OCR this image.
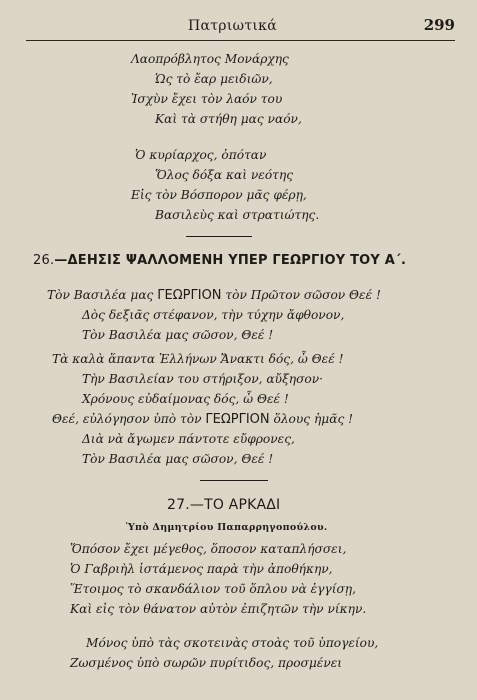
Πατριωτικά	299
Λαοπρόβλητος Μονάρχης
Ὡς τὸ ἔαρ μειδιῶν,
Ἰσχὺν ἔχει τὸν λαόν του
Καὶ τὰ στήθη μας ναόν,
Ὁ κυρίαρχος, ὁπόταν
Ὅλος δόξα καὶ νεότης
Εἰς τὸν Βόσπορον μᾶς φέρῃ,
Βασιλεὺς καὶ στρατιώτης.
26.—ΔΕΗΣΙΣ ΨΑΛΛΟΜΕΝΗ ΥΠΕΡ ΓΕΩΡΓΙΟΥ ΤΟΥ Α΄.
Τὸν Βασιλέα μας ΓΕΩΡΓΙΟΝ τὸν Πρῶτον σῶσον Θεέ !
Δὸς δεξιᾶς στέφανον, τὴν τύχην ἄφθονον,
Τὸν Βασιλέα μας σῶσον, Θεέ !
Τὰ καλὰ ἅπαντα Ἑλλήνων Ἄνακτι δός, ὦ Θεέ !
Τὴν Βασιλείαν του στήριξον, αὔξησον·
Χρόνους εὐδαίμονας δός, ὦ Θεέ !
Θεέ, εὐλόγησον ὑπὸ τὸν ΓΕΩΡΓΙΟΝ ὅλους ἡμᾶς !
Διὰ νὰ ἄγωμεν πάντοτε εὔφρονες,
Τὸν Βασιλέα μας σῶσον, Θεέ !
27.—ΤΟ ΑΡΚΑΔΙ
Ὑπὸ Δημητρίου Παπαρρηγοπούλου.
Ὅπόσον ἔχει μέγεθος, ὅποσον καταπλήσσει,
Ὁ Γαβριὴλ ἱστάμενος παρὰ τὴν ἀποθήκην,
Ἕτοιμος τὸ σκανδάλιον τοῦ ὅπλου νὰ ἐγγίσῃ,
Καὶ εἰς τὸν θάνατον αὐτὸν ἐπιζητῶν τὴν νίκην.
Μόνος ὑπὸ τὰς σκοτεινὰς στοὰς τοῦ ὑπογείου,
Ζωσμένος ὑπὸ σωρῶν πυρίτιδος, προσμένει
